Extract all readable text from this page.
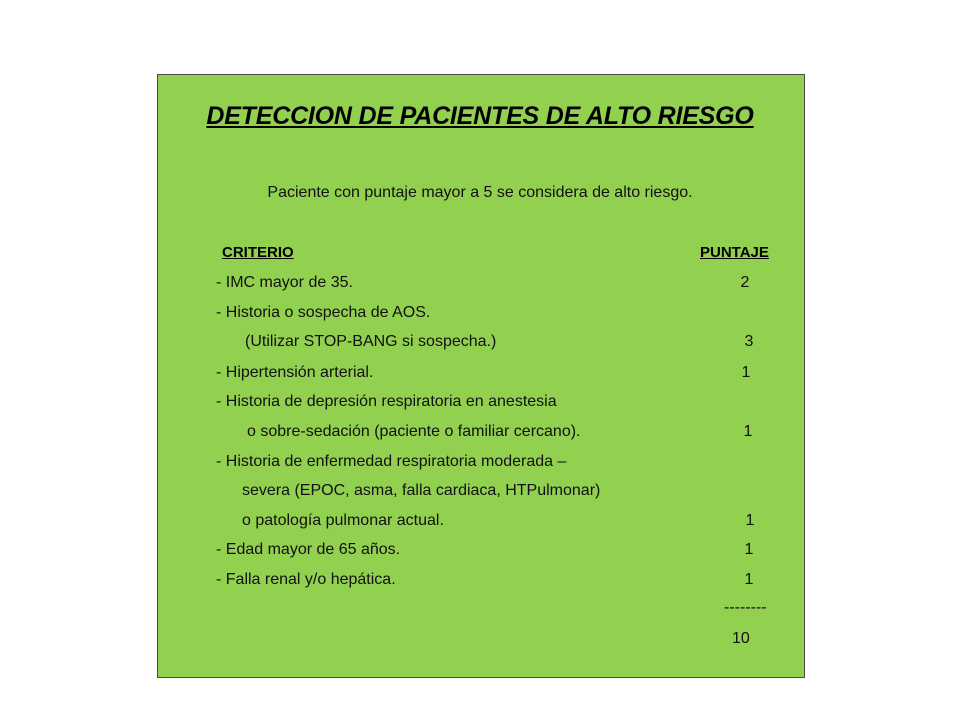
DETECCION DE PACIENTES DE ALTO RIESGO
Paciente con puntaje mayor a 5 se considera de alto riesgo.
CRITERIO	PUNTAJE
- IMC mayor de 35.	2
- Historia o sospecha de AOS.
(Utilizar STOP-BANG si sospecha.)	3
- Hipertensión arterial.	1
- Historia de depresión respiratoria en anestesia
o sobre-sedación (paciente o familiar cercano).	1
- Historia de enfermedad respiratoria moderada –
severa (EPOC, asma, falla cardiaca, HTPulmonar)
o patología pulmonar actual.	1
- Edad mayor de 65 años.	1
- Falla renal y/o hepática.	1
--------
10
